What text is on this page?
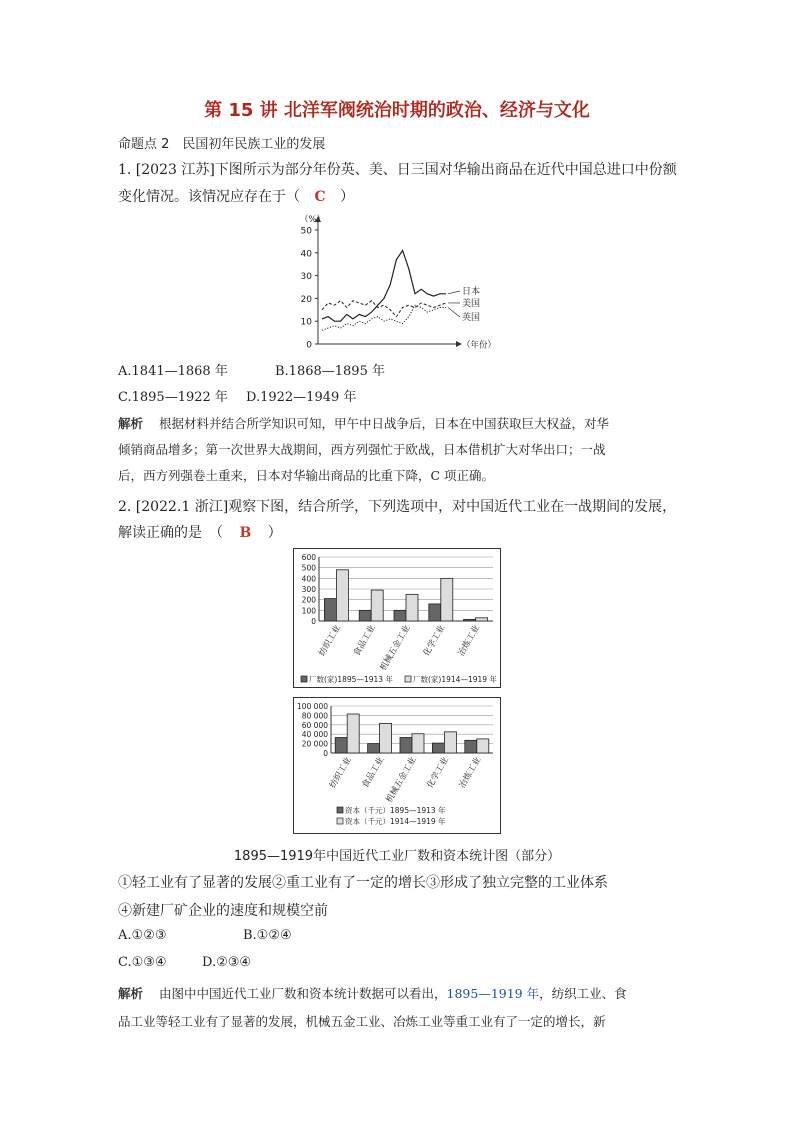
第 15 讲 北洋军阀统治时期的政治、经济与文化
命题点 2　民国初年民族工业的发展
1. [2023 江苏]下图所示为部分年份英、美、日三国对华输出商品在近代中国总进口中份额
变化情况。该情况应存在于（ C ）
0
10
20
30
40
50
（%）
（年份）
日本
美国
英国
A.1841—1868 年	B.1868—1895 年
C.1895—1922 年 D.1922—1949 年
解析 根据材料并结合所学知识可知，甲午中日战争后，日本在中国获取巨大权益，对华
倾销商品增多；第一次世界大战期间，西方列强忙于欧战，日本借机扩大对华出口；一战
后，西方列强卷土重来，日本对华输出商品的比重下降，C 项正确。
2. [2022.1 浙江]观察下图，结合所学，下列选项中，对中国近代工业在一战期间的发展，
解读正确的是　（ B ）
0
100
200
300
400
500
600
纺织工业 食品工业 机械五金工业 化学工业 冶炼工业
厂数(家)1895—1913 年	厂数(家)1914—1919 年
0
20 000
40 000
60 000
80 000
100 000
纺织工业 食品工业
机械五金工业 化学工业 冶炼工业
资本（千元）1895—1913 年
资本（千元）1914—1919 年
1895—1919年中国近代工业厂数和资本统计图（部分）
①轻工业有了显著的发展②重工业有了一定的增长③形成了独立完整的工业体系
④新建厂矿企业的速度和规模空前
A.①②③	B.①②④
C.①③④	D.②③④
解析 由图中中国近代工业厂数和资本统计数据可以看出，1895—1919 年，纺织工业、食
品工业等轻工业有了显著的发展，机械五金工业、冶炼工业等重工业有了一定的增长，新
